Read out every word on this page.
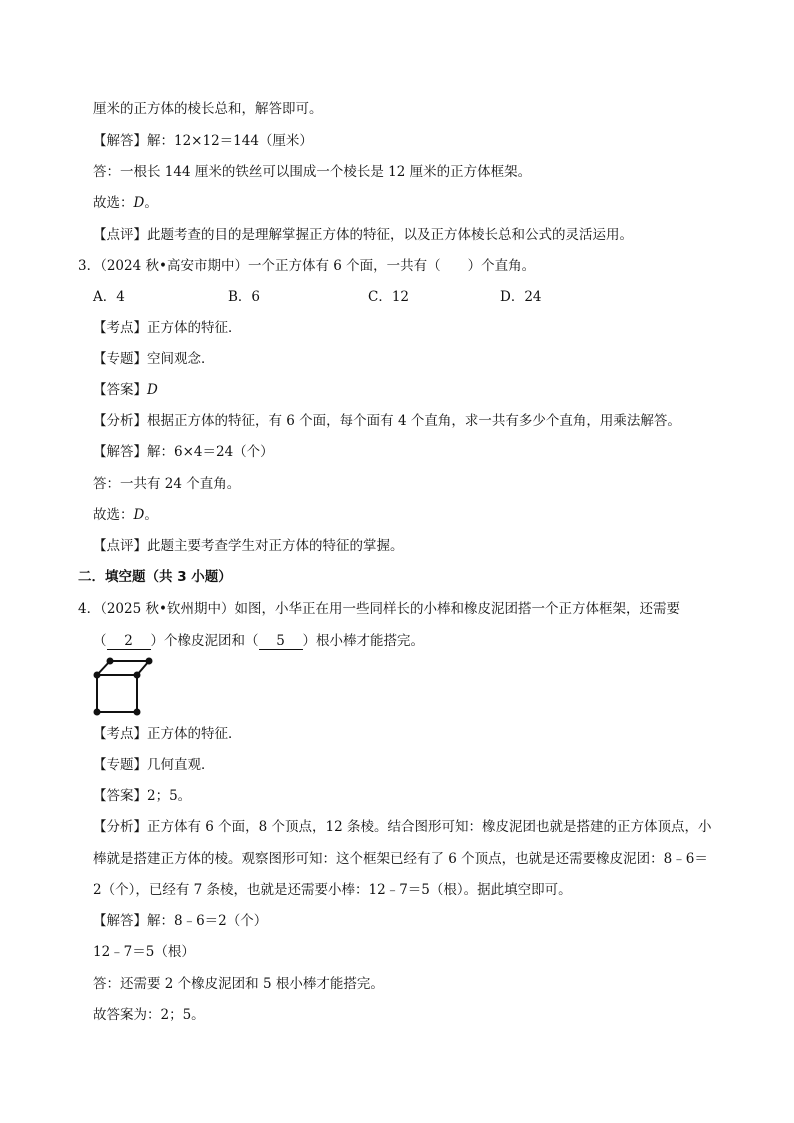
厘米的正方体的棱长总和，解答即可。
【解答】解：12×12＝144（厘米）
答：一根长 144 厘米的铁丝可以围成一个棱长是 12 厘米的正方体框架。
故选：D。
【点评】此题考查的目的是理解掌握正方体的特征，以及正方体棱长总和公式的灵活运用。
3．（2024 秋•高安市期中）一个正方体有 6 个面，一共有（　　）个直角。
A．4	B．6	C．12	D．24
【考点】正方体的特征．
【专题】空间观念．
【答案】D
【分析】根据正方体的特征，有 6 个面，每个面有 4 个直角，求一共有多少个直角，用乘法解答。
【解答】解：6×4＝24（个）
答：一共有 24 个直角。
故选：D。
【点评】此题主要考查学生对正方体的特征的掌握。
二．填空题（共 3 小题）
4．（2025 秋•钦州期中）如图，小华正在用一些同样长的小棒和橡皮泥团搭一个正方体框架，还需要
（ 2 ）个橡皮泥团和（ 5 ）根小棒才能搭完。
【考点】正方体的特征．
【专题】几何直观．
【答案】2；5。
【分析】正方体有 6 个面，8 个顶点，12 条棱。结合图形可知：橡皮泥团也就是搭建的正方体顶点，小
棒就是搭建正方体的棱。观察图形可知：这个框架已经有了 6 个顶点，也就是还需要橡皮泥团：8﹣6＝
2（个），已经有 7 条棱，也就是还需要小棒：12﹣7＝5（根）。据此填空即可。
【解答】解：8﹣6＝2（个）
12﹣7＝5（根）
答：还需要 2 个橡皮泥团和 5 根小棒才能搭完。
故答案为：2；5。
